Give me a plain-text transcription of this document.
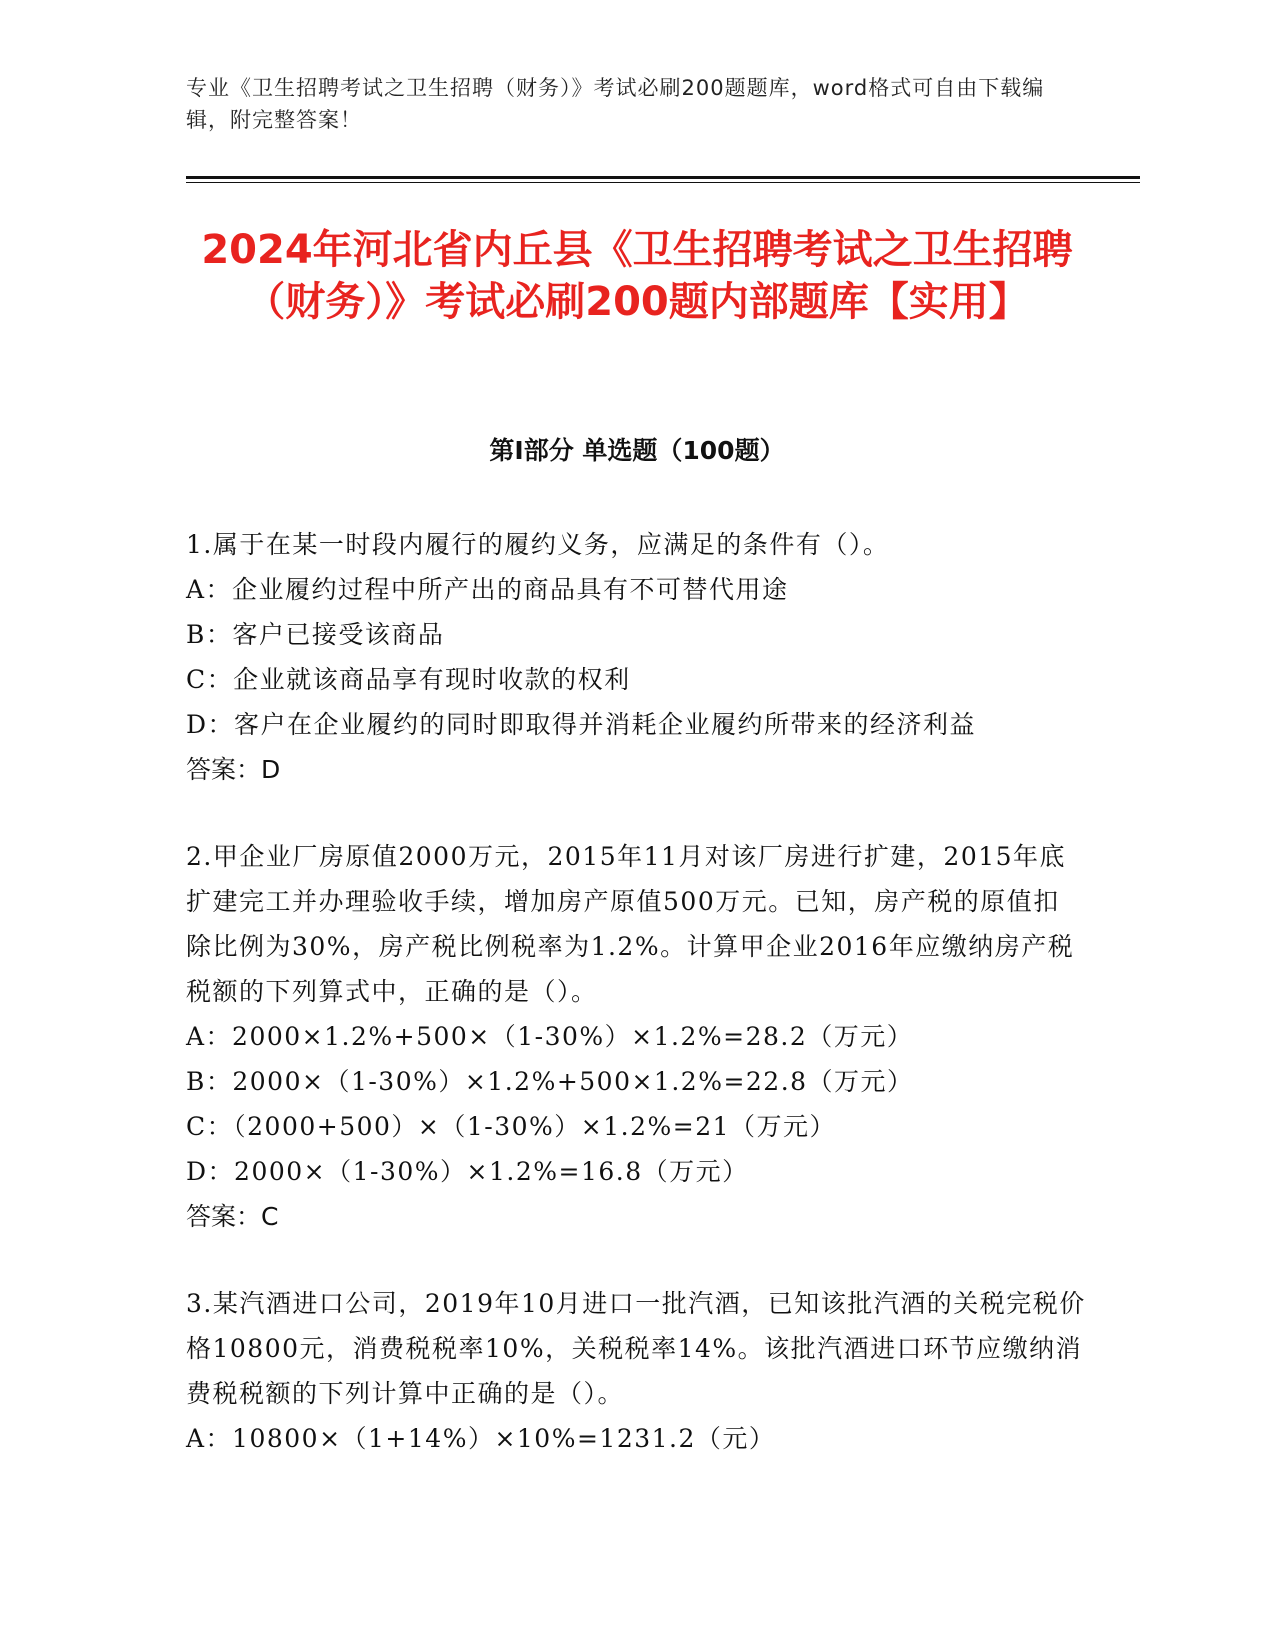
专业《卫生招聘考试之卫生招聘（财务）》考试必刷200题题库，word格式可自由下载编辑，附完整答案！
2024年河北省内丘县《卫生招聘考试之卫生招聘（财务）》考试必刷200题内部题库【实用】
第I部分 单选题（100题）
1.属于在某一时段内履行的履约义务，应满足的条件有（）。
A：企业履约过程中所产出的商品具有不可替代用途
B：客户已接受该商品
C：企业就该商品享有现时收款的权利
D：客户在企业履约的同时即取得并消耗企业履约所带来的经济利益
答案：D
2.甲企业厂房原值2000万元，2015年11月对该厂房进行扩建，2015年底扩建完工并办理验收手续，增加房产原值500万元。已知，房产税的原值扣除比例为30%，房产税比例税率为1.2%。计算甲企业2016年应缴纳房产税税额的下列算式中，正确的是（）。
A：2000×1.2%+500×（1-30%）×1.2%=28.2（万元）
B：2000×（1-30%）×1.2%+500×1.2%=22.8（万元）
C：（2000+500）×（1-30%）×1.2%=21（万元）
D：2000×（1-30%）×1.2%=16.8（万元）
答案：C
3.某汽酒进口公司，2019年10月进口一批汽酒，已知该批汽酒的关税完税价格10800元，消费税税率10%，关税税率14%。该批汽酒进口环节应缴纳消费税税额的下列计算中正确的是（）。
A：10800×（1+14%）×10%=1231.2（元）
